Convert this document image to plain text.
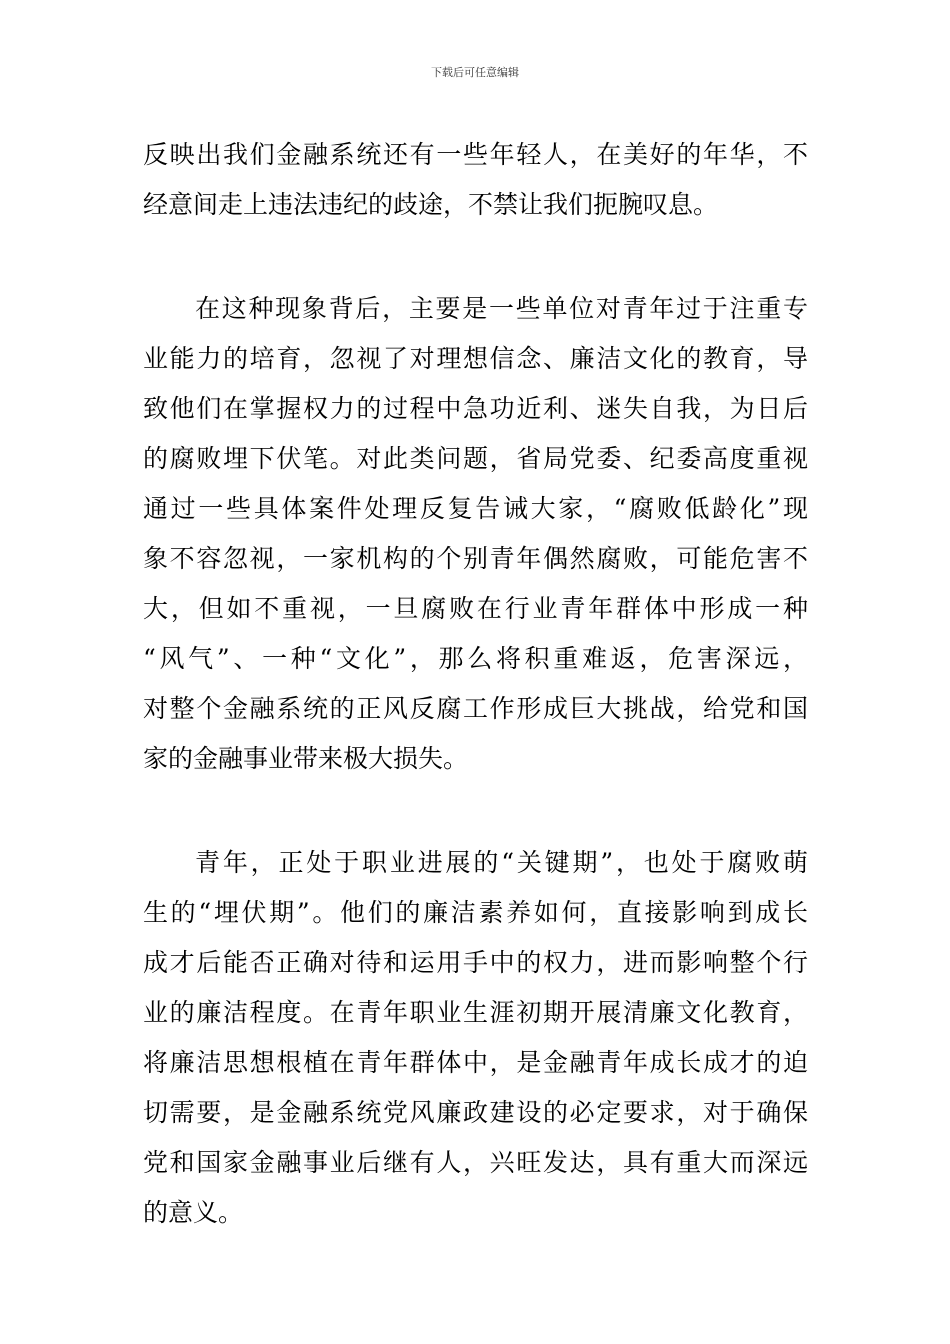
下载后可任意编辑
反映出我们金融系统还有一些年轻人，在美好的年华，不
经意间走上违法违纪的歧途，不禁让我们扼腕叹息。
在这种现象背后，主要是一些单位对青年过于注重专
业能力的培育，忽视了对理想信念、廉洁文化的教育，导
致他们在掌握权力的过程中急功近利、迷失自我，为日后
的腐败埋下伏笔。对此类问题，省局党委、纪委高度重视
通过一些具体案件处理反复告诫大家，“腐败低龄化”现
象不容忽视，一家机构的个别青年偶然腐败，可能危害不
大，但如不重视，一旦腐败在行业青年群体中形成一种
“风气”、一种“文化”，那么将积重难返，危害深远，
对整个金融系统的正风反腐工作形成巨大挑战，给党和国
家的金融事业带来极大损失。
青年，正处于职业进展的“关键期”，也处于腐败萌
生的“埋伏期”。他们的廉洁素养如何，直接影响到成长
成才后能否正确对待和运用手中的权力，进而影响整个行
业的廉洁程度。在青年职业生涯初期开展清廉文化教育，
将廉洁思想根植在青年群体中，是金融青年成长成才的迫
切需要，是金融系统党风廉政建设的必定要求，对于确保
党和国家金融事业后继有人，兴旺发达，具有重大而深远
的意义。
